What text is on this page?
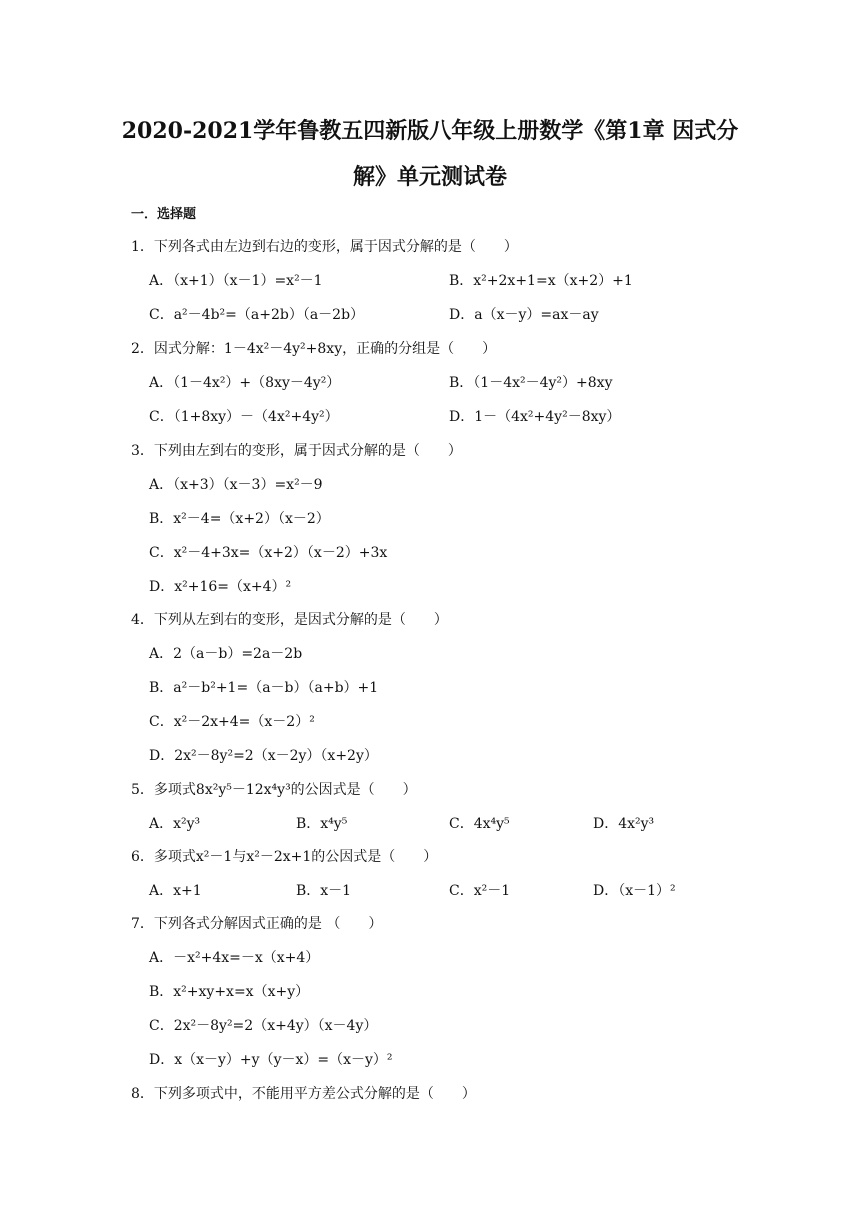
2020-2021学年鲁教五四新版八年级上册数学《第1章 因式分
解》单元测试卷
一．选择题
1．下列各式由左边到右边的变形，属于因式分解的是（　　）
A．（x+1）（x－1）=x²－1	B．x²+2x+1=x（x+2）+1
C．a²－4b²=（a+2b）（a－2b）	D．a（x－y）=ax－ay
2．因式分解：1－4x²－4y²+8xy，正确的分组是（　　）
A．（1－4x²）+（8xy－4y²）	B．（1－4x²－4y²）+8xy
C．（1+8xy）－（4x²+4y²）	D．1－（4x²+4y²－8xy）
3．下列由左到右的变形，属于因式分解的是（　　）
A．（x+3）（x－3）=x²－9
B．x²－4=（x+2）（x－2）
C．x²－4+3x=（x+2）（x－2）+3x
D．x²+16=（x+4）²
4．下列从左到右的变形，是因式分解的是（　　）
A．2（a－b）=2a－2b
B．a²－b²+1=（a－b）（a+b）+1
C．x²－2x+4=（x－2）²
D．2x²－8y²=2（x－2y）（x+2y）
5．多项式8x²y⁵－12x⁴y³的公因式是（　　）
A．x²y³	B．x⁴y⁵	C．4x⁴y⁵	D．4x²y³
6．多项式x²－1与x²－2x+1的公因式是（　　）
A．x+1	B．x－1	C．x²－1	D．（x－1）²
7．下列各式分解因式正确的是 （　　）
A．－x²+4x=－x（x+4）
B．x²+xy+x=x（x+y）
C．2x²－8y²=2（x+4y）（x－4y）
D．x（x－y）+y（y－x）=（x－y）²
8．下列多项式中，不能用平方差公式分解的是（　　）
